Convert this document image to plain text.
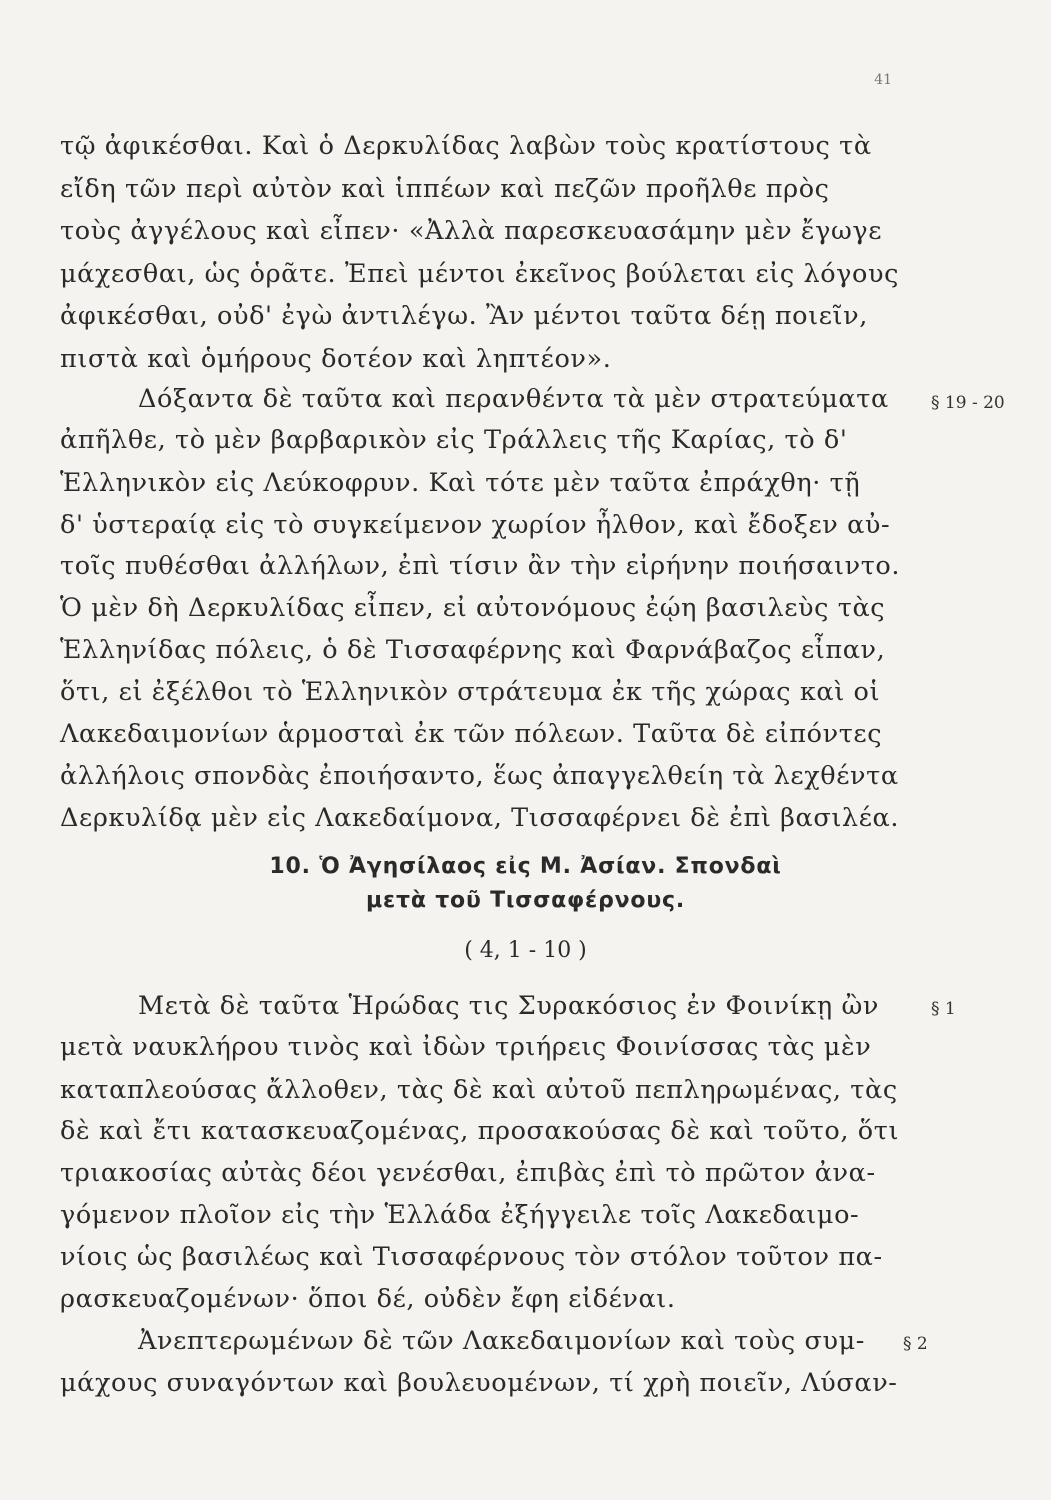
41
τῷ ἀφικέσθαι. Καὶ ὁ Δερκυλίδας λαβὼν τοὺς κρατίστους τὰ
εἴδη τῶν περὶ αὐτὸν καὶ ἱππέων καὶ πεζῶν προῆλθε πρὸς
τοὺς ἀγγέλους καὶ εἶπεν· «Ἀλλὰ παρεσκευασάμην μὲν ἔγωγε
μάχεσθαι, ὡς ὁρᾶτε. Ἐπεὶ μέντοι ἐκεῖνος βούλεται εἰς λόγους
ἀφικέσθαι, οὐδ' ἐγὼ ἀντιλέγω. Ἂν μέντοι ταῦτα δέῃ ποιεῖν,
πιστὰ καὶ ὁμήρους δοτέον καὶ ληπτέον».
Δόξαντα δὲ ταῦτα καὶ περανθέντα τὰ μὲν στρατεύματα
ἀπῆλθε, τὸ μὲν βαρβαρικὸν εἰς Τράλλεις τῆς Καρίας, τὸ δ'
Ἑλληνικὸν εἰς Λεύκοφρυν. Καὶ τότε μὲν ταῦτα ἐπράχθη· τῇ
δ' ὑστεραίᾳ εἰς τὸ συγκείμενον χωρίον ἦλθον, καὶ ἔδοξεν αὐ-
τοῖς πυθέσθαι ἀλλήλων, ἐπὶ τίσιν ἂν τὴν εἰρήνην ποιήσαιντο.
Ὁ μὲν δὴ Δερκυλίδας εἶπεν, εἰ αὐτονόμους ἐῴη βασιλεὺς τὰς
Ἑλληνίδας πόλεις, ὁ δὲ Τισσαφέρνης καὶ Φαρνάβαζος εἶπαν,
ὅτι, εἰ ἐξέλθοι τὸ Ἑλληνικὸν στράτευμα ἐκ τῆς χώρας καὶ οἱ
Λακεδαιμονίων ἁρμοσταὶ ἐκ τῶν πόλεων. Ταῦτα δὲ εἰπόντες
ἀλλήλοις σπονδὰς ἐποιήσαντο, ἕως ἀπαγγελθείη τὰ λεχθέντα
Δερκυλίδᾳ μὲν εἰς Λακεδαίμονα, Τισσαφέρνει δὲ ἐπὶ βασιλέα.
§ 19 - 20
10. Ὁ Ἀγησίλαος εἰς Μ. Ἀσίαν. Σπονδαὶ
μετὰ τοῦ Τισσαφέρνους.
( 4, 1 - 10 )
Μετὰ δὲ ταῦτα Ἡρώδας τις Συρακόσιος ἐν Φοινίκῃ ὢν
μετὰ ναυκλήρου τινὸς καὶ ἰδὼν τριήρεις Φοινίσσας τὰς μὲν
καταπλεούσας ἄλλοθεν, τὰς δὲ καὶ αὐτοῦ πεπληρωμένας, τὰς
δὲ καὶ ἔτι κατασκευαζομένας, προσακούσας δὲ καὶ τοῦτο, ὅτι
τριακοσίας αὐτὰς δέοι γενέσθαι, ἐπιβὰς ἐπὶ τὸ πρῶτον ἀνα-
γόμενον πλοῖον εἰς τὴν Ἑλλάδα ἐξήγγειλε τοῖς Λακεδαιμο-
νίοις ὡς βασιλέως καὶ Τισσαφέρνους τὸν στόλον τοῦτον πα-
ρασκευαζομένων· ὅποι δέ, οὐδὲν ἔφη εἰδέναι.
Ἀνεπτερωμένων δὲ τῶν Λακεδαιμονίων καὶ τοὺς συμ-
μάχους συναγόντων καὶ βουλευομένων, τί χρὴ ποιεῖν, Λύσαν-
§ 1
§ 2
